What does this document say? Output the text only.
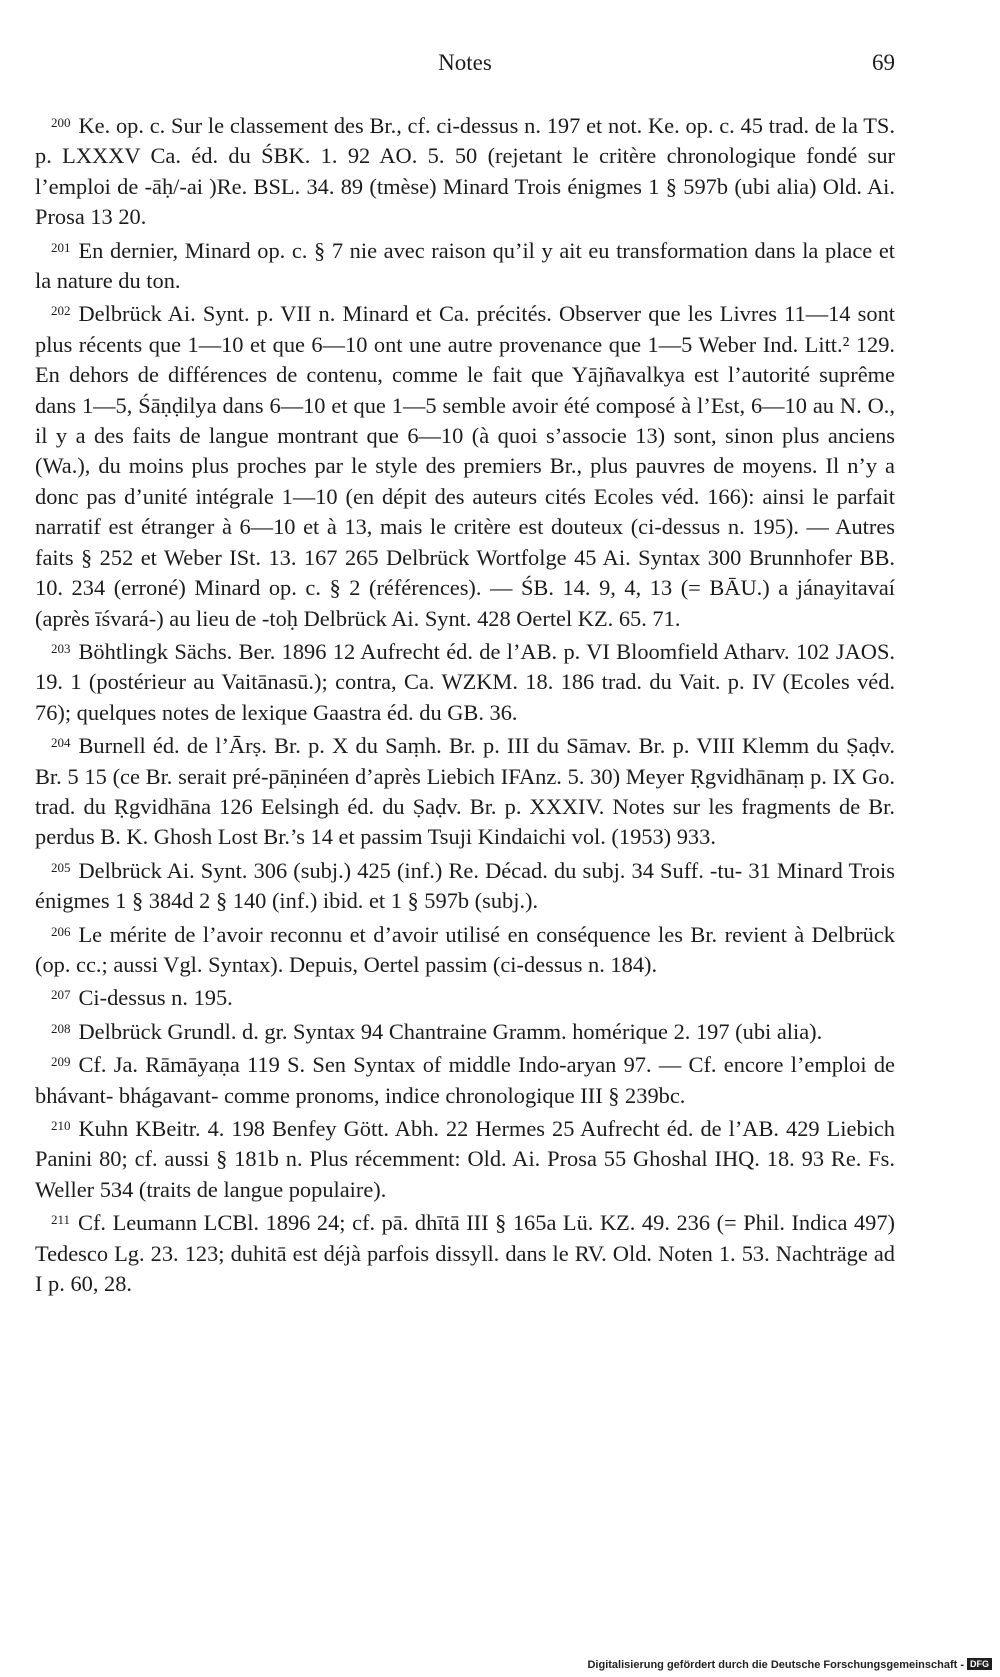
Notes	69

$^{200}$ Ke. op. c. Sur le classement des Br., cf. ci-dessus n. 197 et not. Ke. op. c. 45 trad. de la TS. p. LXXXV Ca. éd. du ŚBK. 1. 92 AO. 5. 50 (rejetant le critère chronologique fondé sur l’emploi de -āḥ/-ai )Re. BSL. 34. 89 (tmèse) Minard Trois énigmes 1 § 597b (ubi alia) Old. Ai. Prosa 13 20.

$^{201}$ En dernier, Minard op. c. § 7 nie avec raison qu’il y ait eu transformation dans la place et la nature du ton.

$^{202}$ Delbrück Ai. Synt. p. VII n. Minard et Ca. précités. Observer que les Livres 11—14 sont plus récents que 1—10 et que 6—10 ont une autre provenance que 1—5 Weber Ind. Litt.² 129. En dehors de différences de contenu, comme le fait que Yājñavalkya est l’autorité suprême dans 1—5, Śāṇḍilya dans 6—10 et que 1—5 semble avoir été composé à l’Est, 6—10 au N. O., il y a des faits de langue montrant que 6—10 (à quoi s’associe 13) sont, sinon plus anciens (Wa.), du moins plus proches par le style des premiers Br., plus pauvres de moyens. Il n’y a donc pas d’unité intégrale 1—10 (en dépit des auteurs cités Ecoles véd. 166): ainsi le parfait narratif est étranger à 6—10 et à 13, mais le critère est douteux (ci-dessus n. 195). — Autres faits § 252 et Weber ISt. 13. 167 265 Delbrück Wortfolge 45 Ai. Syntax 300 Brunnhofer BB. 10. 234 (erroné) Minard op. c. § 2 (références). — ŚB. 14. 9, 4, 13 (= BĀU.) a jánayitavaí (après īśvará-) au lieu de -toḥ Delbrück Ai. Synt. 428 Oertel KZ. 65. 71.

$^{203}$ Böhtlingk Sächs. Ber. 1896 12 Aufrecht éd. de l’AB. p. VI Bloomfield Atharv. 102 JAOS. 19. 1 (postérieur au Vaitānasū.); contra, Ca. WZKM. 18. 186 trad. du Vait. p. IV (Ecoles véd. 76); quelques notes de lexique Gaastra éd. du GB. 36.

$^{204}$ Burnell éd. de l’Ārṣ. Br. p. X du Saṃh. Br. p. III du Sāmav. Br. p. VIII Klemm du Ṣaḍv. Br. 5 15 (ce Br. serait pré-pāṇinéen d’après Liebich IFAnz. 5. 30) Meyer Ṛgvidhānaṃ p. IX Go. trad. du Ṛgvidhāna 126 Eelsingh éd. du Ṣaḍv. Br. p. XXXIV. Notes sur les fragments de Br. perdus B. K. Ghosh Lost Br.’s 14 et passim Tsuji Kindaichi vol. (1953) 933.

$^{205}$ Delbrück Ai. Synt. 306 (subj.) 425 (inf.) Re. Décad. du subj. 34 Suff. -tu- 31 Minard Trois énigmes 1 § 384d 2 § 140 (inf.) ibid. et 1 § 597b (subj.).

$^{206}$ Le mérite de l’avoir reconnu et d’avoir utilisé en conséquence les Br. revient à Delbrück (op. cc.; aussi Vgl. Syntax). Depuis, Oertel passim (ci-dessus n. 184).

$^{207}$ Ci-dessus n. 195.

$^{208}$ Delbrück Grundl. d. gr. Syntax 94 Chantraine Gramm. homérique 2. 197 (ubi alia).

$^{209}$ Cf. Ja. Rāmāyaṇa 119 S. Sen Syntax of middle Indo-aryan 97. — Cf. encore l’emploi de bhávant- bhágavant- comme pronoms, indice chronologique III § 239bc.

$^{210}$ Kuhn KBeitr. 4. 198 Benfey Gött. Abh. 22 Hermes 25 Aufrecht éd. de l’AB. 429 Liebich Panini 80; cf. aussi § 181b n. Plus récemment: Old. Ai. Prosa 55 Ghoshal IHQ. 18. 93 Re. Fs. Weller 534 (traits de langue populaire).

$^{211}$ Cf. Leumann LCBl. 1896 24; cf. pā. dhītā III § 165a Lü. KZ. 49. 236 (= Phil. Indica 497) Tedesco Lg. 23. 123; duhitā est déjà parfois dissyll. dans le RV. Old. Noten 1. 53. Nachträge ad I p. 60, 28.

Digitalisierung gefördert durch die Deutsche Forschungsgemeinschaft - DFG
